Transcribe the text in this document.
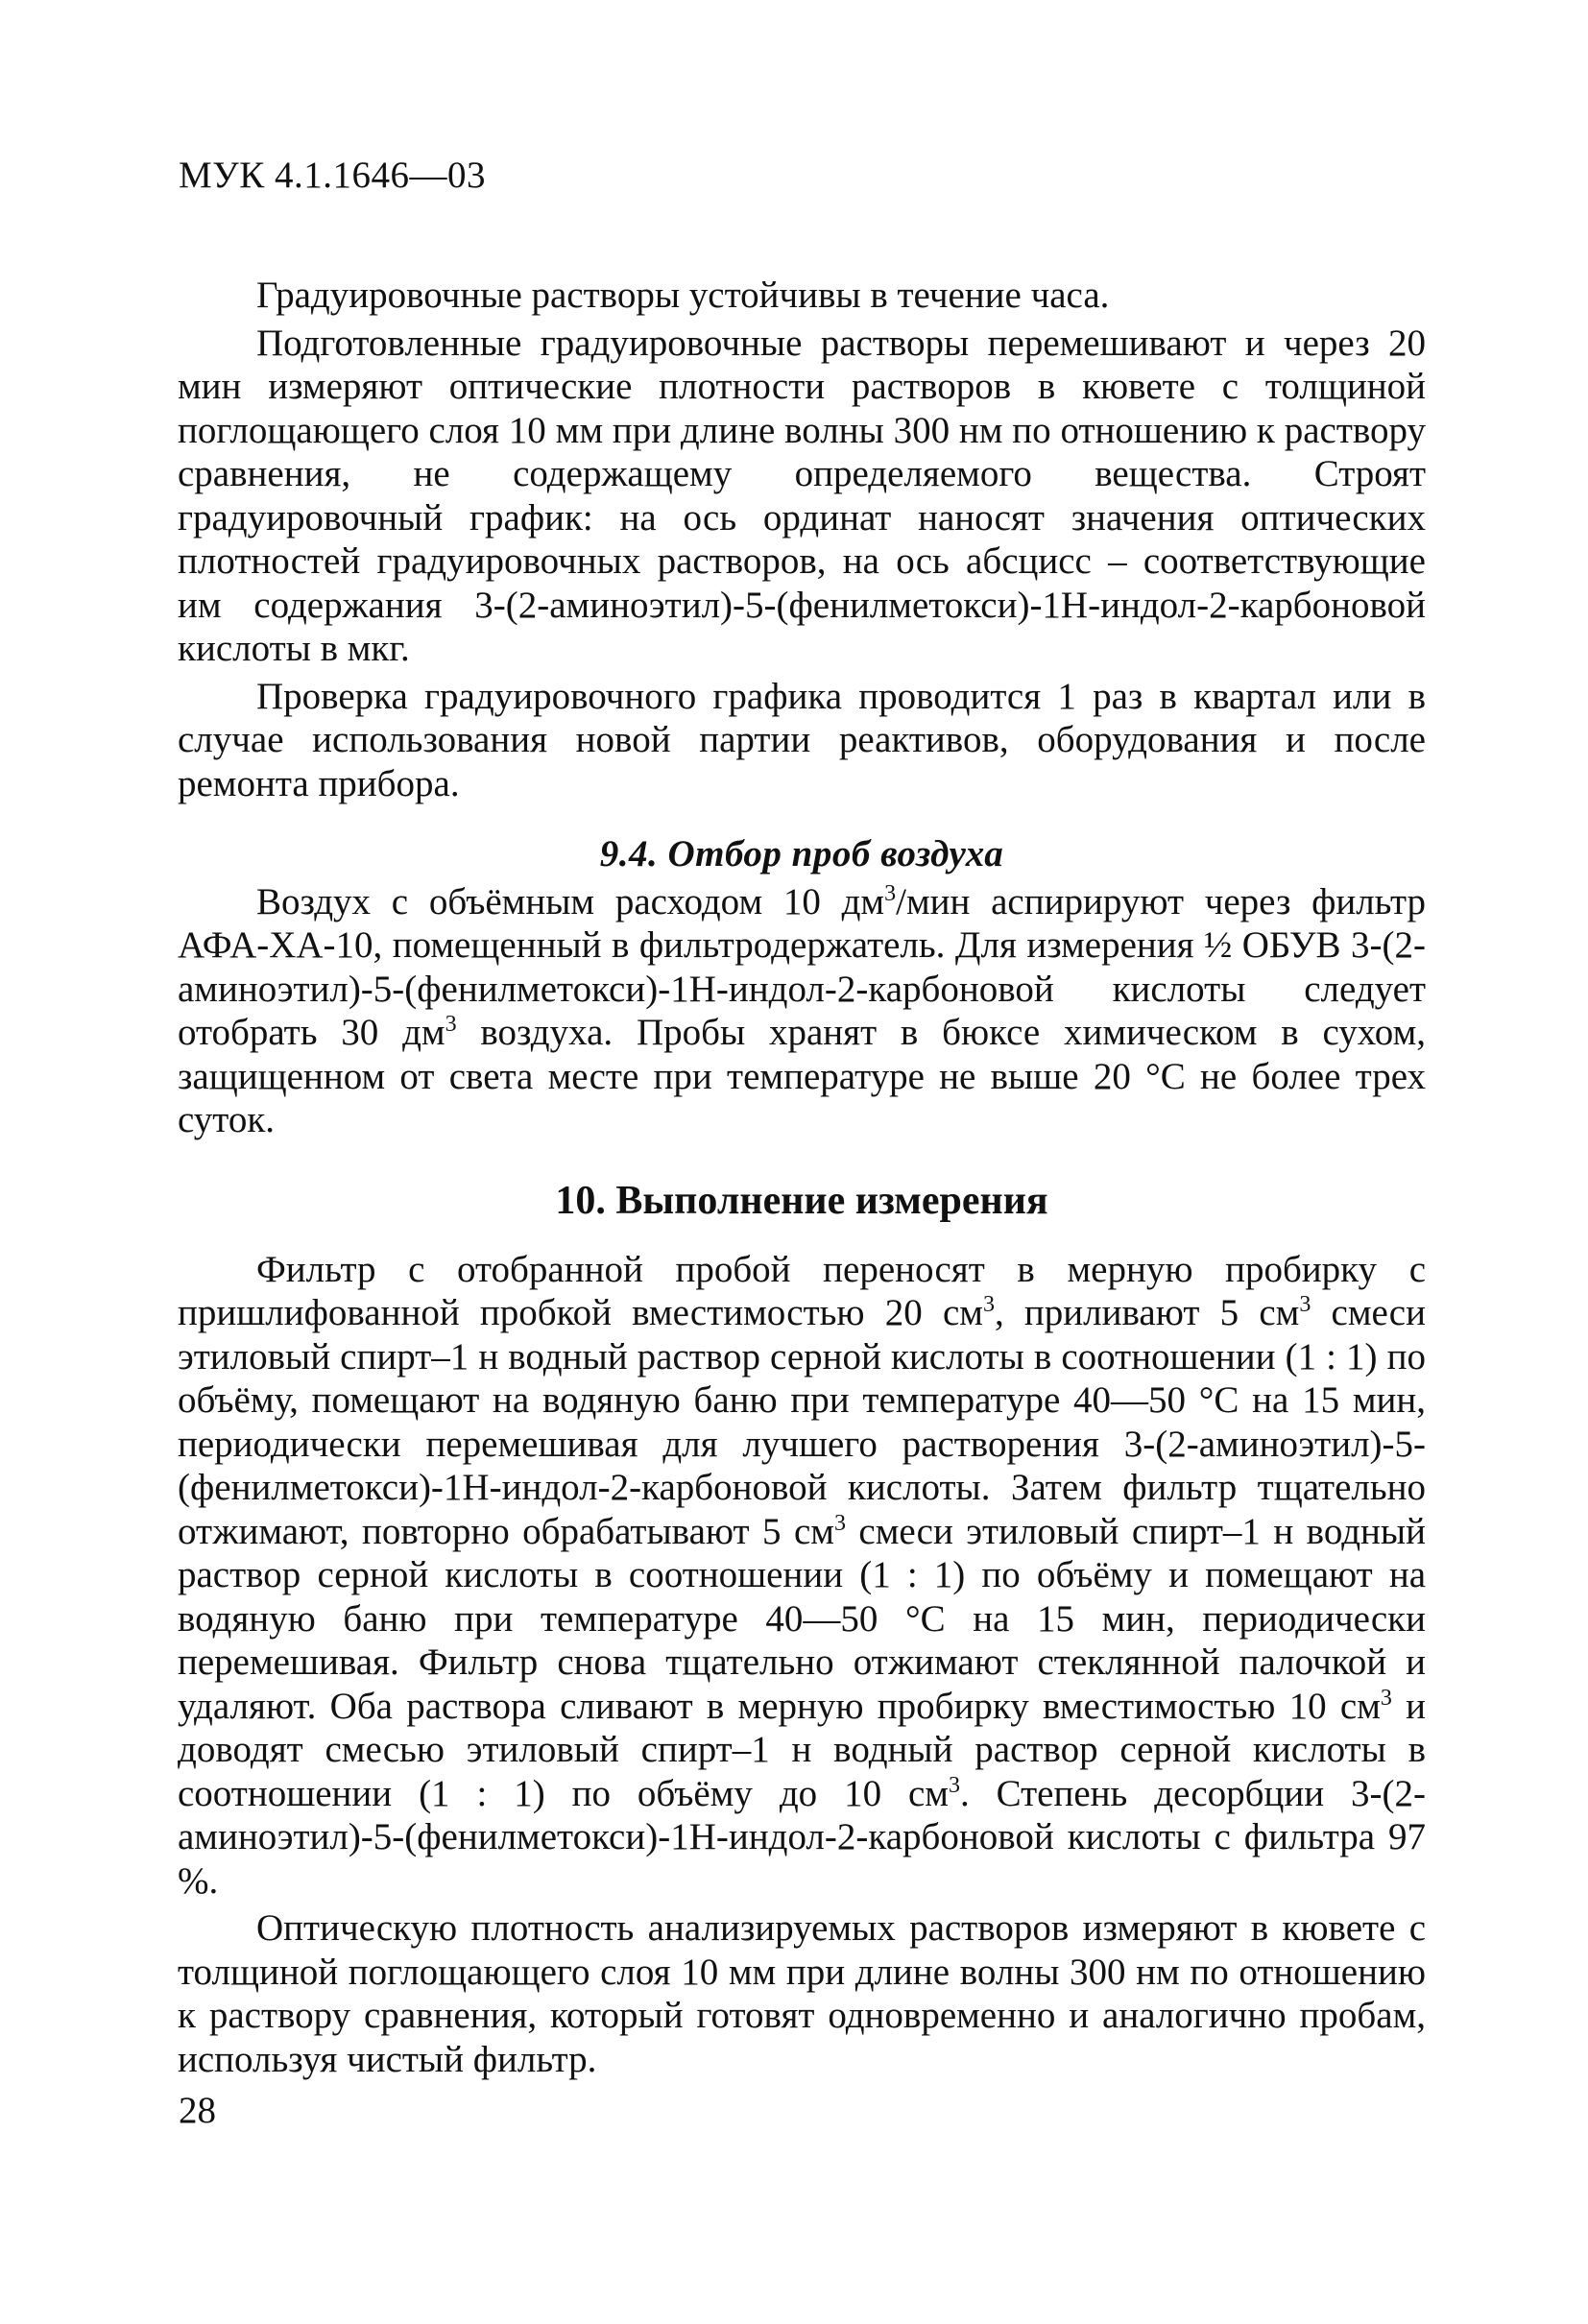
МУК 4.1.1646—03

Градуировочные растворы устойчивы в течение часа.

Подготовленные градуировочные растворы перемешивают и через 20 мин измеряют оптические плотности растворов в кювете с толщиной поглощающего слоя 10 мм при длине волны 300 нм по отношению к раствору сравнения, не содержащему определяемого вещества. Строят градуировочный график: на ось ординат наносят значения оптических плотностей градуировочных растворов, на ось абсцисс – соответствующие им содержания 3-(2-аминоэтил)-5-(фенилметокси)-1Н-индол-2-карбоновой кислоты в мкг.

Проверка градуировочного графика проводится 1 раз в квартал или в случае использования новой партии реактивов, оборудования и после ремонта прибора.

9.4. Отбор проб воздуха

Воздух с объёмным расходом 10 $дм^3$/мин аспирируют через фильтр АФА-ХА-10, помещенный в фильтродержатель. Для измерения ½ ОБУВ 3-(2-аминоэтил)-5-(фенилметокси)-1Н-индол-2-карбоновой кислоты следует отобрать 30 $дм^3$ воздуха. Пробы хранят в бюксе химическом в сухом, защищенном от света месте при температуре не выше 20 °С не более трех суток.

10. Выполнение измерения

Фильтр с отобранной пробой переносят в мерную пробирку с пришлифованной пробкой вместимостью 20 $см^3$, приливают 5 $см^3$ смеси этиловый спирт–1 н водный раствор серной кислоты в соотношении (1 : 1) по объёму, помещают на водяную баню при температуре 40—50 °С на 15 мин, периодически перемешивая для лучшего растворения 3-(2-аминоэтил)-5-(фенилметокси)-1Н-индол-2-карбоновой кислоты. Затем фильтр тщательно отжимают, повторно обрабатывают 5 $см^3$ смеси этиловый спирт–1 н водный раствор серной кислоты в соотношении (1 : 1) по объёму и помещают на водяную баню при температуре 40—50 °С на 15 мин, периодически перемешивая. Фильтр снова тщательно отжимают стеклянной палочкой и удаляют. Оба раствора сливают в мерную пробирку вместимостью 10 $см^3$ и доводят смесью этиловый спирт–1 н водный раствор серной кислоты в соотношении (1 : 1) по объёму до 10 $см^3$. Степень десорбции 3-(2-аминоэтил)-5-(фенилметокси)-1Н-индол-2-карбоновой кислоты с фильтра 97 %.

Оптическую плотность анализируемых растворов измеряют в кювете с толщиной поглощающего слоя 10 мм при длине волны 300 нм по отношению к раствору сравнения, который готовят одновременно и аналогично пробам, используя чистый фильтр.

28
